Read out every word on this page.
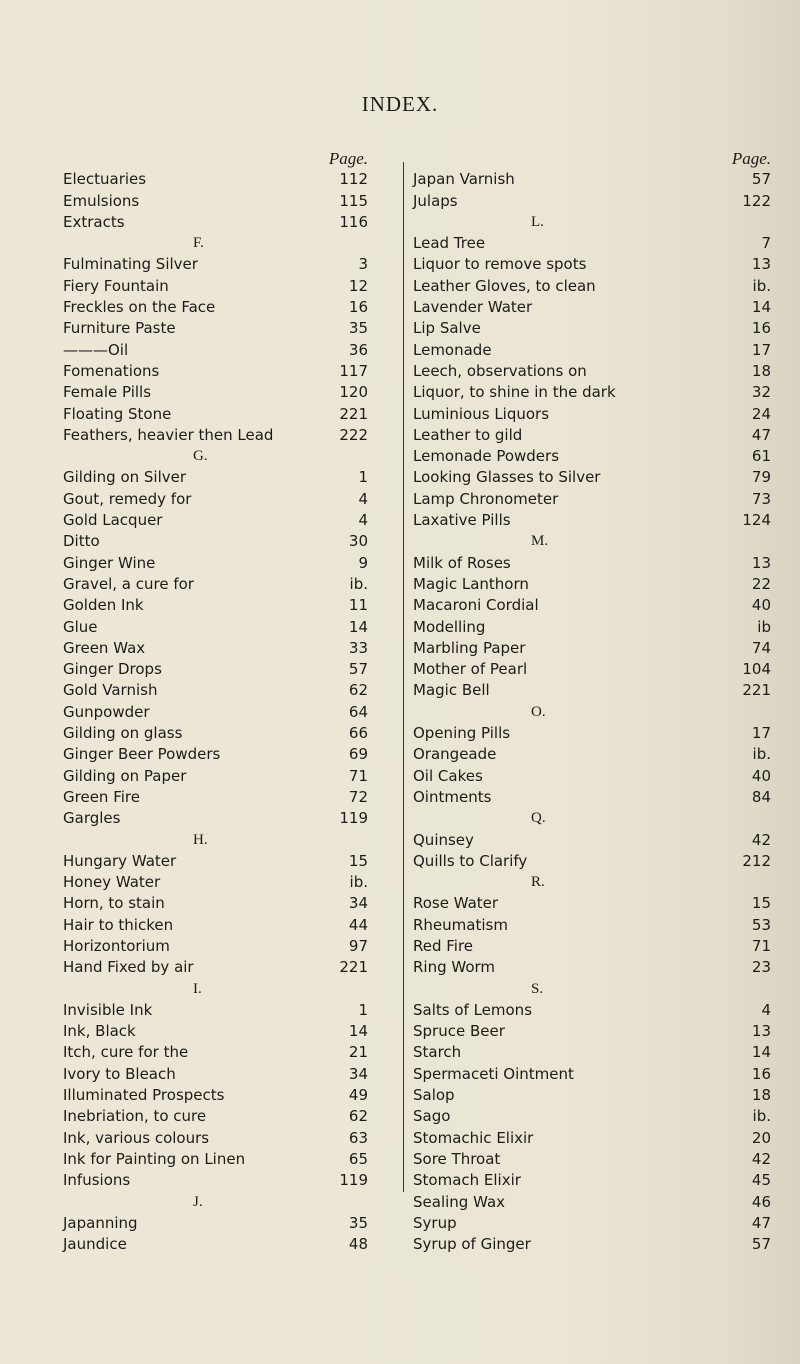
INDEX.
Page.
Electuaries	112
Emulsions	115
Extracts	116
F.
Fulminating Silver	3
Fiery Fountain	12
Freckles on the Face	16
Furniture Paste	35
———Oil	36
Fomenations	117
Female Pills	120
Floating Stone	221
Feathers, heavier then Lead	222
G.
Gilding on Silver	1
Gout, remedy for	4
Gold Lacquer	4
Ditto	30
Ginger Wine	9
Gravel, a cure for	ib.
Golden Ink	11
Glue	14
Green Wax	33
Ginger Drops	57
Gold Varnish	62
Gunpowder	64
Gilding on glass	66
Ginger Beer Powders	69
Gilding on Paper	71
Green Fire	72
Gargles	119
H.
Hungary Water	15
Honey Water	ib.
Horn, to stain	34
Hair to thicken	44
Horizontorium	97
Hand Fixed by air	221
I.
Invisible Ink	1
Ink, Black	14
Itch, cure for the	21
Ivory to Bleach	34
Illuminated Prospects	49
Inebriation, to cure	62
Ink, various colours	63
Ink for Painting on Linen	65
Infusions	119
J.
Japanning	35
Jaundice	48
Page.
Japan Varnish	57
Julaps	122
L.
Lead Tree	7
Liquor to remove spots	13
Leather Gloves, to clean	ib.
Lavender Water	14
Lip Salve	16
Lemonade	17
Leech, observations on	18
Liquor, to shine in the dark	32
Luminious Liquors	24
Leather to gild	47
Lemonade Powders	61
Looking Glasses to Silver	79
Lamp Chronometer	73
Laxative Pills	124
M.
Milk of Roses	13
Magic Lanthorn	22
Macaroni Cordial	40
Modelling	ib
Marbling Paper	74
Mother of Pearl	104
Magic Bell	221
O.
Opening Pills	17
Orangeade	ib.
Oil Cakes	40
Ointments	84
Q.
Quinsey	42
Quills to Clarify	212
R.
Rose Water	15
Rheumatism	53
Red Fire	71
Ring Worm	23
S.
Salts of Lemons	4
Spruce Beer	13
Starch	14
Spermaceti Ointment	16
Salop	18
Sago	ib.
Stomachic Elixir	20
Sore Throat	42
Stomach Elixir	45
Sealing Wax	46
Syrup	47
Syrup of Ginger	57
